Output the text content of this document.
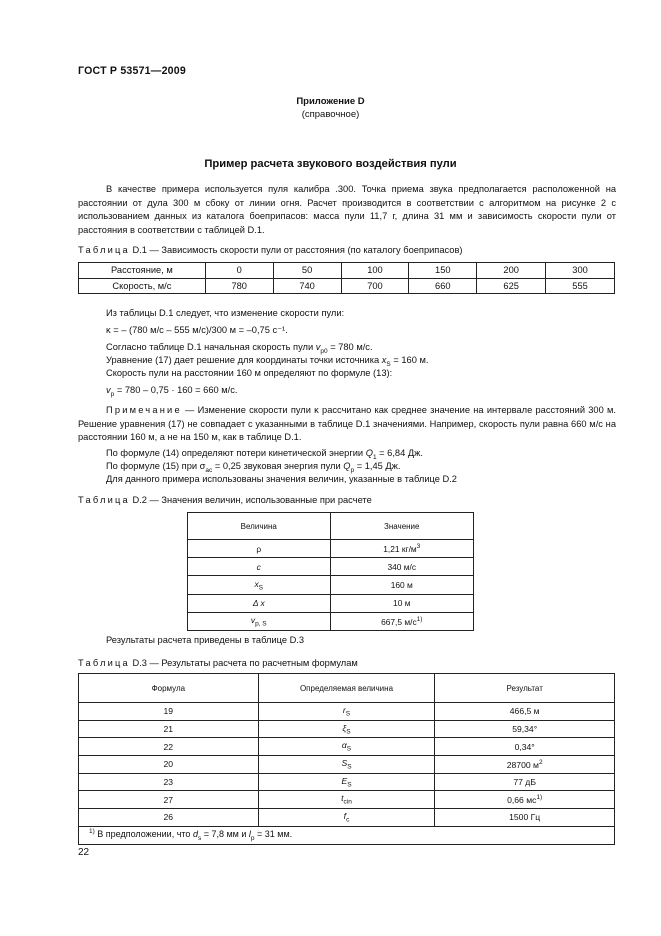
ГОСТ Р 53571—2009
Приложение D
(справочное)
Пример расчета звукового воздействия пули
В качестве примера используется пуля калибра .300. Точка приема звука предполагается расположенной на расстоянии от дула 300 м сбоку от линии огня. Расчет производится в соответствии с алгоритмом на рисунке 2 с использованием данных из каталога боеприпасов: масса пули 11,7 г, длина 31 мм и зависимость скорости пули от расстояния в соответствии с таблицей D.1.
Таблица D.1 — Зависимость скорости пули от расстояния (по каталогу боеприпасов)
Расстояние, м	0	50	100	150	200	300
Скорость, м/с	780	740	700	660	625	555
Из таблицы D.1 следует, что изменение скорости пули:
κ = – (780 м/с – 555 м/с)/300 м = –0,75 с⁻¹.
Согласно таблице D.1 начальная скорость пули $v_{p0} = 780$ м/с.
Уравнение (17) дает решение для координаты точки источника $x_S = 160$ м.
Скорость пули на расстоянии 160 м определяют по формуле (13):
$v_p = 780 - 0,75 \cdot 160 = 660$ м/с.
Примечание — Изменение скорости пули κ рассчитано как среднее значение на интервале расстояний 300 м. Решение уравнения (17) не совпадает с указанными в таблице D.1 значениями. Например, скорость пули равна 660 м/с на расстоянии 160 м, а не на 150 м, как в таблице D.1.
По формуле (14) определяют потери кинетической энергии $Q_1 = 6,84$ Дж.
По формуле (15) при $\sigma_{ac} = 0,25$ звуковая энергия пули $Q_p = 1,45$ Дж.
Для данного примера использованы значения величин, указанные в таблице D.2
Таблица D.2 — Значения величин, использованные при расчете
Величина	Значение
ρ	1,21 $кг/м^3$
c	340 м/с
$x_S$	160 м
Δ x	10 м
$v_{p, S}$	667,5 $м/с^{1)}$
Результаты расчета приведены в таблице D.3
Таблица D.3 — Результаты расчета по расчетным формулам
Формула	Определяемая величина	Результат
19	$r_S$	466,5 м
21	$\xi_S$	59,34°
22	$\alpha_S$	0,34°
20	$S_S$	28700 $м^2$
23	$E_S$	77 дБ
27	$t_{cin}$	0,66 $мс^{1)}$
26	$f_c$	1500 Гц
$^{1)}$ В предположении, что $d_s = 7,8$ мм и $l_p = 31$ мм.		
22
